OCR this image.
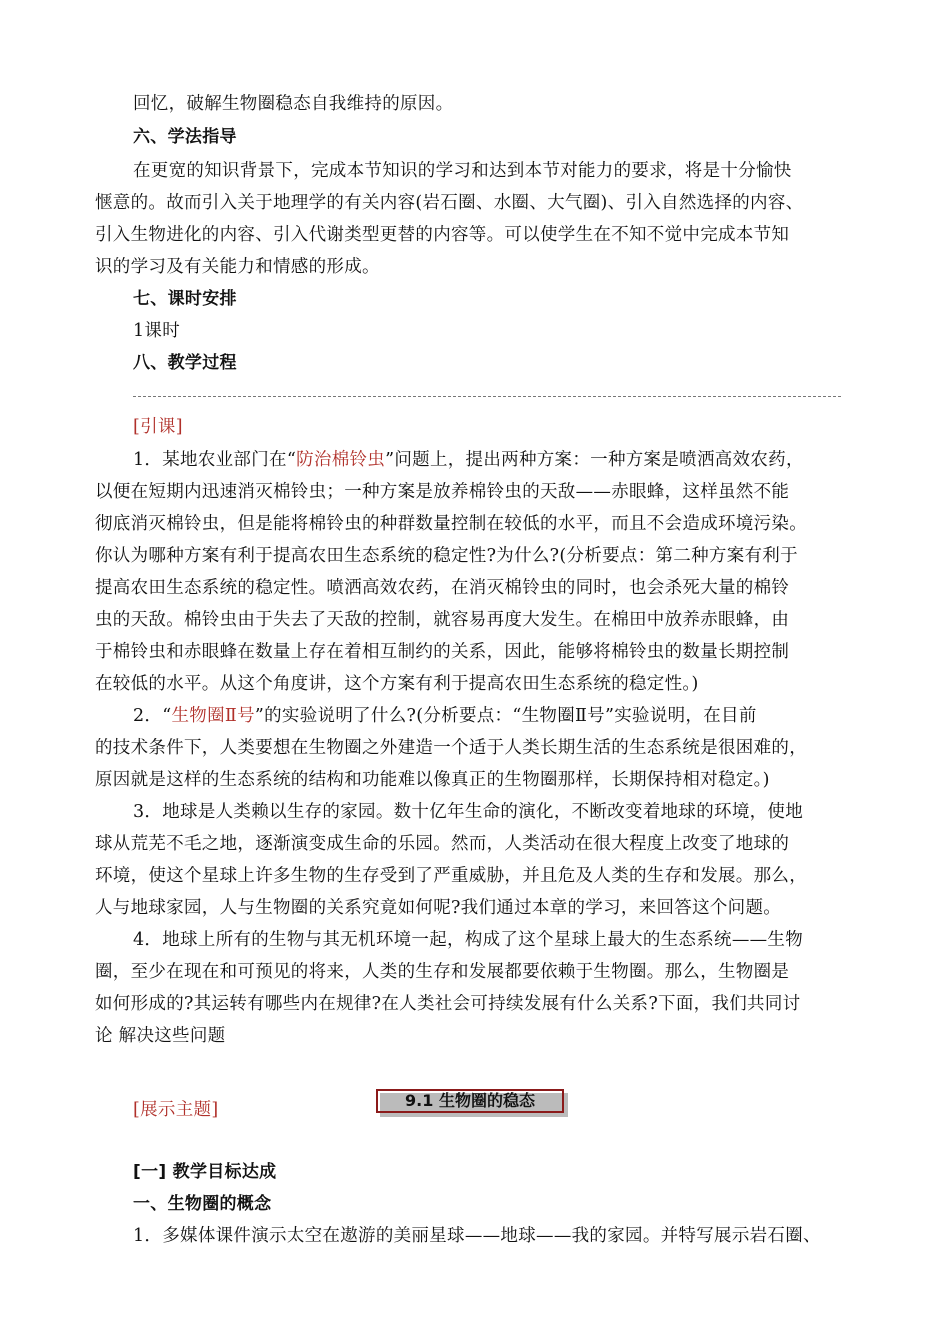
回忆，破解生物圈稳态自我维持的原因。
六、学法指导
在更宽的知识背景下，完成本节知识的学习和达到本节对能力的要求，将是十分愉快
惬意的。故而引入关于地理学的有关内容(岩石圈、水圈、大气圈)、引入自然选择的内容、
引入生物进化的内容、引入代谢类型更替的内容等。可以使学生在不知不觉中完成本节知
识的学习及有关能力和情感的形成。
七、课时安排
1课时
八、教学过程
[引课]
1．某地农业部门在“防治棉铃虫”问题上，提出两种方案：一种方案是喷洒高效农药，
以便在短期内迅速消灭棉铃虫；一种方案是放养棉铃虫的天敌——赤眼蜂，这样虽然不能
彻底消灭棉铃虫，但是能将棉铃虫的种群数量控制在较低的水平，而且不会造成环境污染。
你认为哪种方案有利于提高农田生态系统的稳定性?为什么?(分析要点：第二种方案有利于
提高农田生态系统的稳定性。喷洒高效农药，在消灭棉铃虫的同时，也会杀死大量的棉铃
虫的天敌。棉铃虫由于失去了天敌的控制，就容易再度大发生。在棉田中放养赤眼蜂，由
于棉铃虫和赤眼蜂在数量上存在着相互制约的关系，因此，能够将棉铃虫的数量长期控制
在较低的水平。从这个角度讲，这个方案有利于提高农田生态系统的稳定性。)
2．“生物圈Ⅱ号”的实验说明了什么?(分析要点：“生物圈Ⅱ号”实验说明，在目前
的技术条件下，人类要想在生物圈之外建造一个适于人类长期生活的生态系统是很困难的，
原因就是这样的生态系统的结构和功能难以像真正的生物圈那样，长期保持相对稳定。)
3．地球是人类赖以生存的家园。数十亿年生命的演化，不断改变着地球的环境，使地
球从荒芜不毛之地，逐渐演变成生命的乐园。然而，人类活动在很大程度上改变了地球的
环境，使这个星球上许多生物的生存受到了严重威胁，并且危及人类的生存和发展。那么，
人与地球家园，人与生物圈的关系究竟如何呢?我们通过本章的学习，来回答这个问题。
4．地球上所有的生物与其无机环境一起，构成了这个星球上最大的生态系统——生物
圈，至少在现在和可预见的将来，人类的生存和发展都要依赖于生物圈。那么，生物圈是
如何形成的?其运转有哪些内在规律?在人类社会可持续发展有什么关系?下面，我们共同讨
论 解决这些问题
[展示主题]	9.1 生物圈的稳态
[一] 教学目标达成
一、生物圈的概念
1．多媒体课件演示太空在遨游的美丽星球——地球——我的家园。并特写展示岩石圈、
